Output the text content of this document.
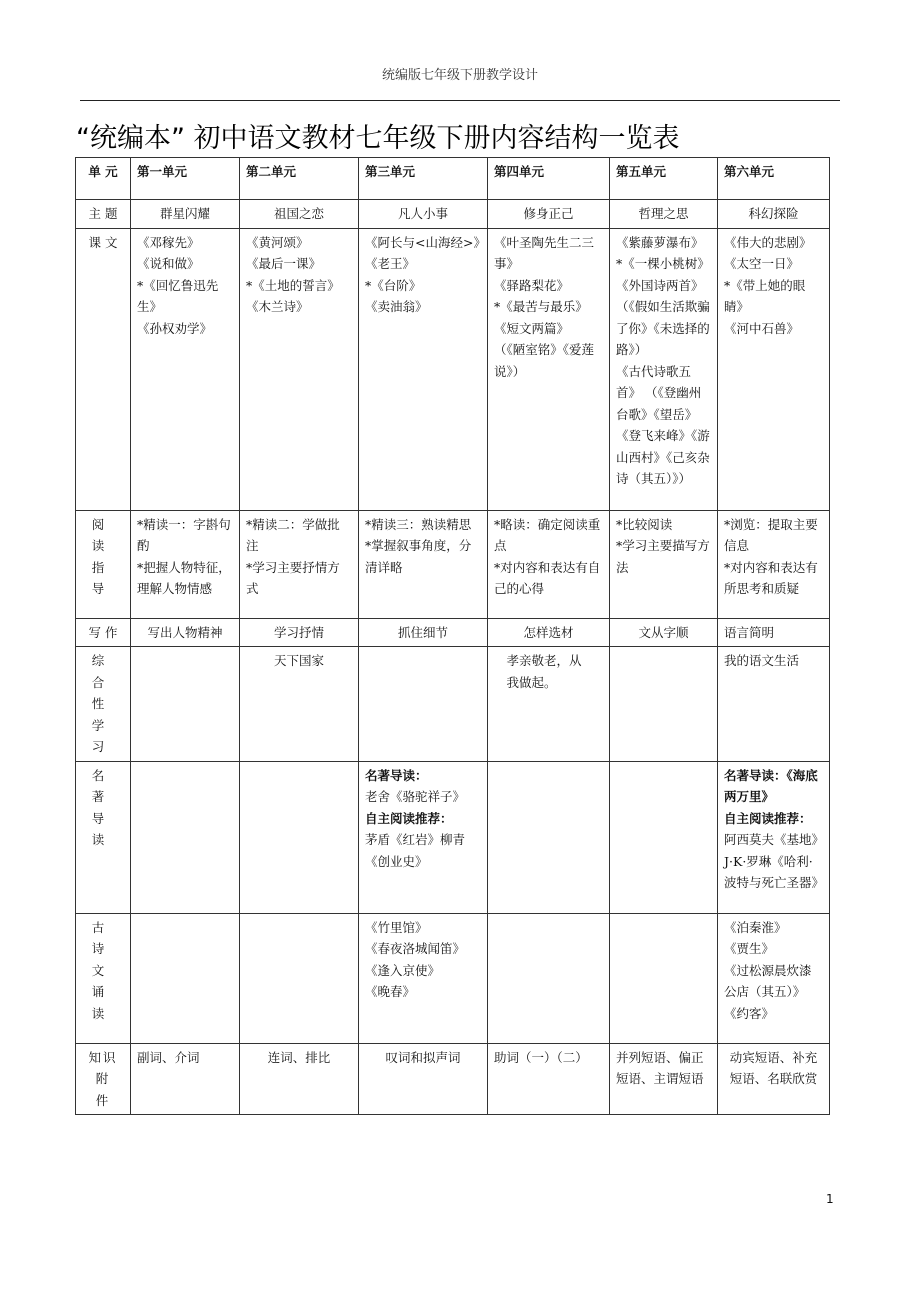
统编版七年级下册教学设计
“统编本” 初中语文教材七年级下册内容结构一览表
单 元	第一单元	第二单元	第三单元	第四单元	第五单元	第六单元
主 题	群星闪耀	祖国之恋	凡人小事	修身正己	哲理之思	科幻探险
课 文	《邓稼先》
《说和做》
*《回忆鲁迅先生》
《孙权劝学》	《黄河颂》
《最后一课》
*《土地的誓言》
《木兰诗》	《阿长与<山海经>》
《老王》
*《台阶》
《卖油翁》	《叶圣陶先生二三事》
《驿路梨花》
*《最苦与最乐》
《短文两篇》
（《陋室铭》《爱莲说》）	《紫藤萝瀑布》
*《一棵小桃树》
《外国诗两首》
（《假如生活欺骗了你》《未选择的路》）
《古代诗歌五首》 （《登幽州台歌》《望岳》《登飞来峰》《游山西村》《己亥杂诗（其五）》）	《伟大的悲剧》
《太空一日》
*《带上她的眼睛》
《河中石兽》

阅 读 指 导	*精读一：字斟句酌
*把握人物特征，理解人物情感	*精读二：学做批注
*学习主要抒情方式	*精读三：熟读精思
*掌握叙事角度，分清详略	*略读：确定阅读重点
*对内容和表达有自己的心得	*比较阅读
*学习主要描写方法	*浏览：提取主要信息
*对内容和表达有所思考和质疑

写 作	写出人物精神	学习抒情	抓住细节	怎样选材	文从字顺	语言简明
综 合 性 学 习		天下国家		孝亲敬老，从我做起。		我的语文生活
名 著 导 读			名著导读：
老舍《骆驼祥子》
自主阅读推荐：
茅盾《红岩》柳青《创业史》			名著导读：《海底两万里》
自主阅读推荐：
阿西莫夫《基地》J·K·罗琳《哈利·波特与死亡圣器》

古 诗 文 诵 读			《竹里馆》
《春夜洛城闻笛》
《逢入京使》
《晚春》			《泊秦淮》
《贾生》
《过松源晨炊漆公店（其五）》
《约客》

知识 附 件	副词、介词	连词、排比	叹词和拟声词	助词（一）（二）	并列短语、偏正短语、主谓短语	动宾短语、补充短语、名联欣赏
1
